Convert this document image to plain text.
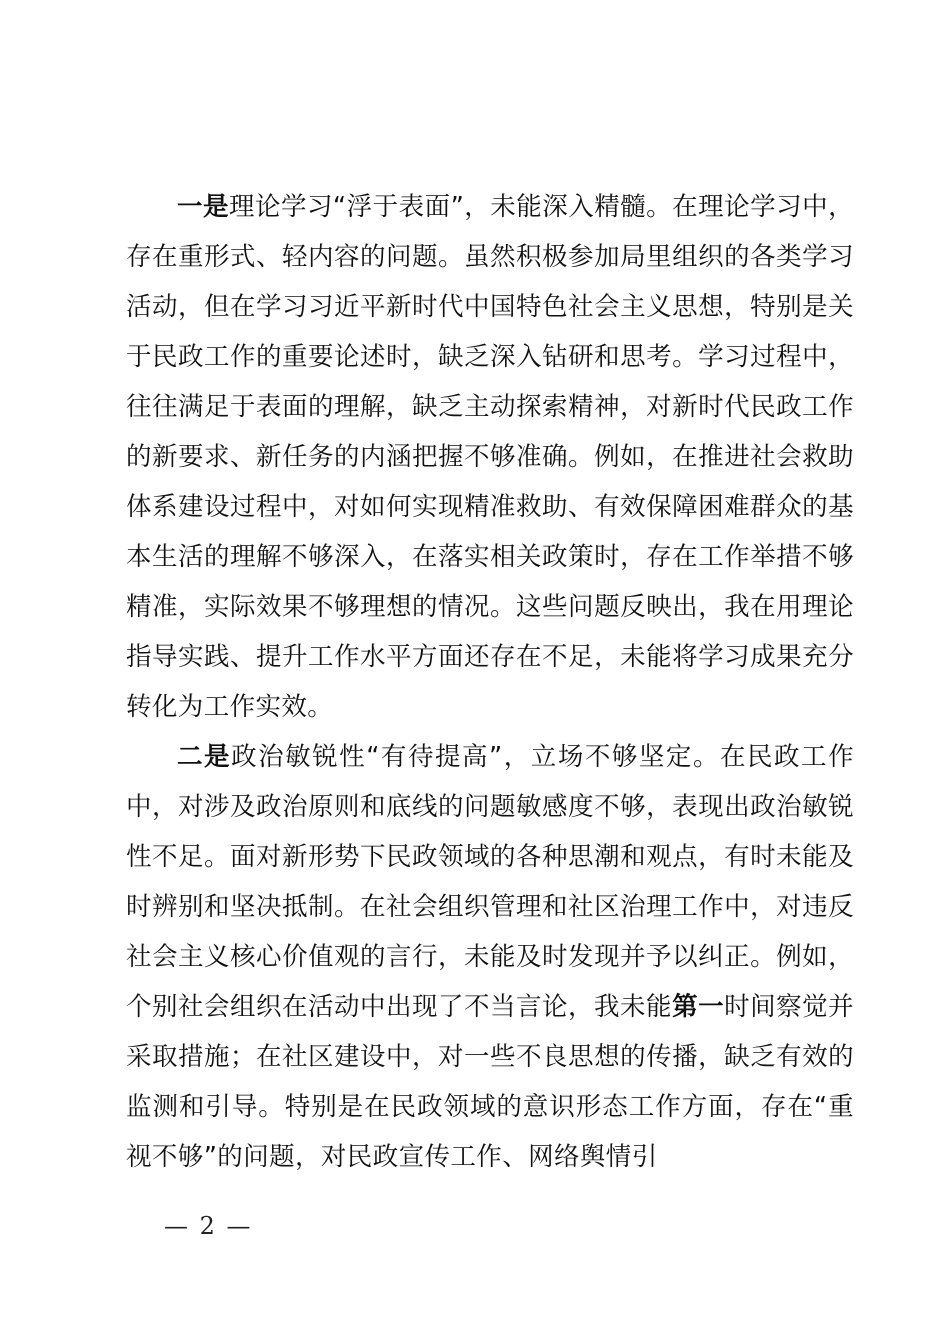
一是理论学习“浮于表面”，未能深入精髓。在理论学习中，存在重形式、轻内容的问题。虽然积极参加局里组织的各类学习活动，但在学习习近平新时代中国特色社会主义思想，特别是关于民政工作的重要论述时，缺乏深入钻研和思考。学习过程中，往往满足于表面的理解，缺乏主动探索精神，对新时代民政工作的新要求、新任务的内涵把握不够准确。例如，在推进社会救助体系建设过程中，对如何实现精准救助、有效保障困难群众的基本生活的理解不够深入，在落实相关政策时，存在工作举措不够精准，实际效果不够理想的情况。这些问题反映出，我在用理论指导实践、提升工作水平方面还存在不足，未能将学习成果充分转化为工作实效。

二是政治敏锐性“有待提高”，立场不够坚定。在民政工作中，对涉及政治原则和底线的问题敏感度不够，表现出政治敏锐性不足。面对新形势下民政领域的各种思潮和观点，有时未能及时辨别和坚决抵制。在社会组织管理和社区治理工作中，对违反社会主义核心价值观的言行，未能及时发现并予以纠正。例如，个别社会组织在活动中出现了不当言论，我未能第一时间察觉并采取措施；在社区建设中，对一些不良思想的传播，缺乏有效的监测和引导。特别是在民政领域的意识形态工作方面，存在“重视不够”的问题，对民政宣传工作、网络舆情引

— 2 —
